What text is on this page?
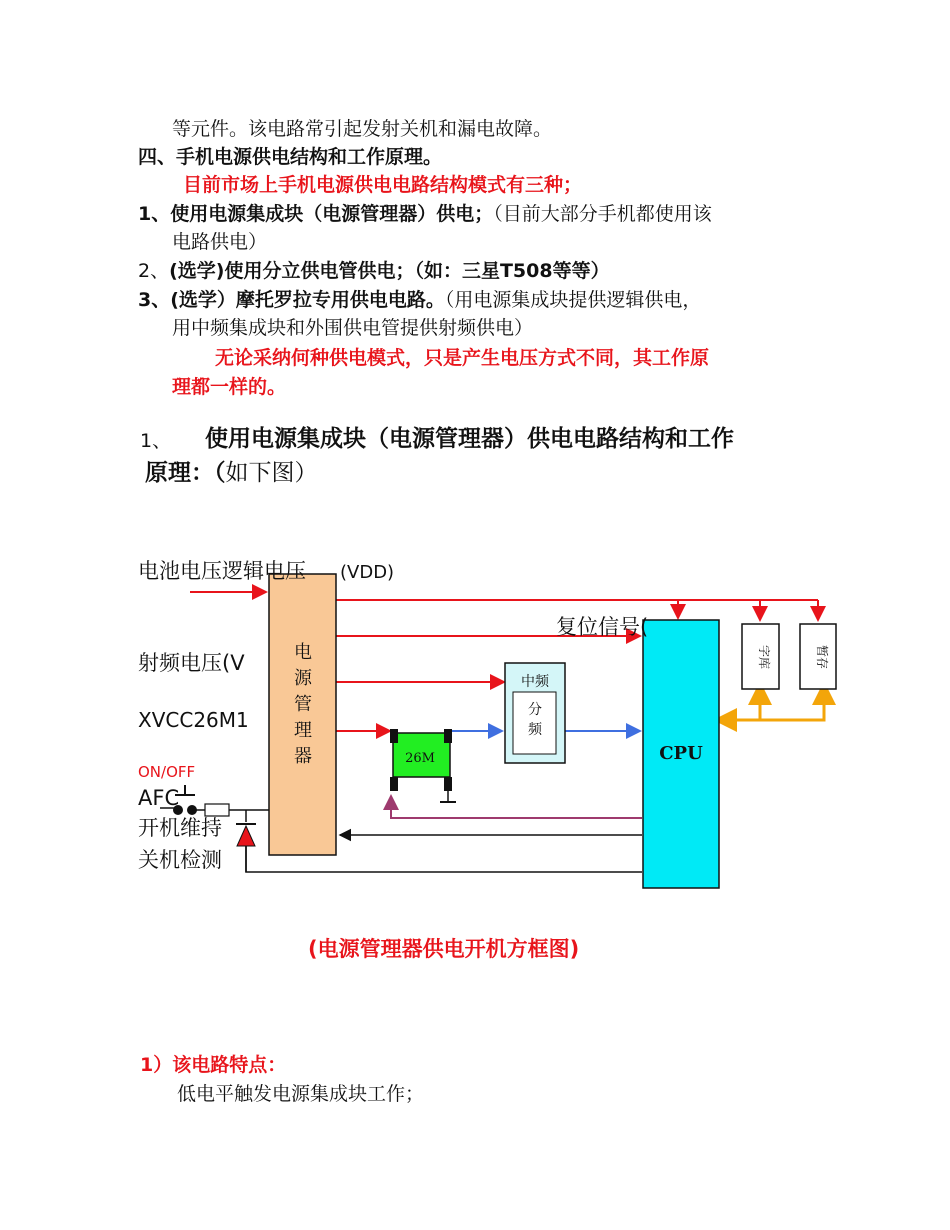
等元件。该电路常引起发射关机和漏电故障。
四、手机电源供电结构和工作原理。
目前市场上手机电源供电电路结构模式有三种；
1、使用电源集成块（电源管理器）供电；（目前大部分手机都使用该
电路供电）
2、(选学)使用分立供电管供电；（如：三星T508等等）
3、(选学）摩托罗拉专用供电电路。（用电源集成块提供逻辑供电，
用中频集成块和外围供电管提供射频供电）
无论采纳何种供电模式，只是产生电压方式不同，其工作原
理都一样的。
1、 使用电源集成块（电源管理器）供电电路结构和工作
原理：（如下图）
电池电压逻辑电压 (VDD)
复位信号(
射频电压(V
XVCC26M1
ON/OFF
AFC
开机维持
关机检测
电
源
管
理
器
中频
分
频
26M	CPU
字库	暂存
(电源管理器供电开机方框图)
1）该电路特点：
低电平触发电源集成块工作；
